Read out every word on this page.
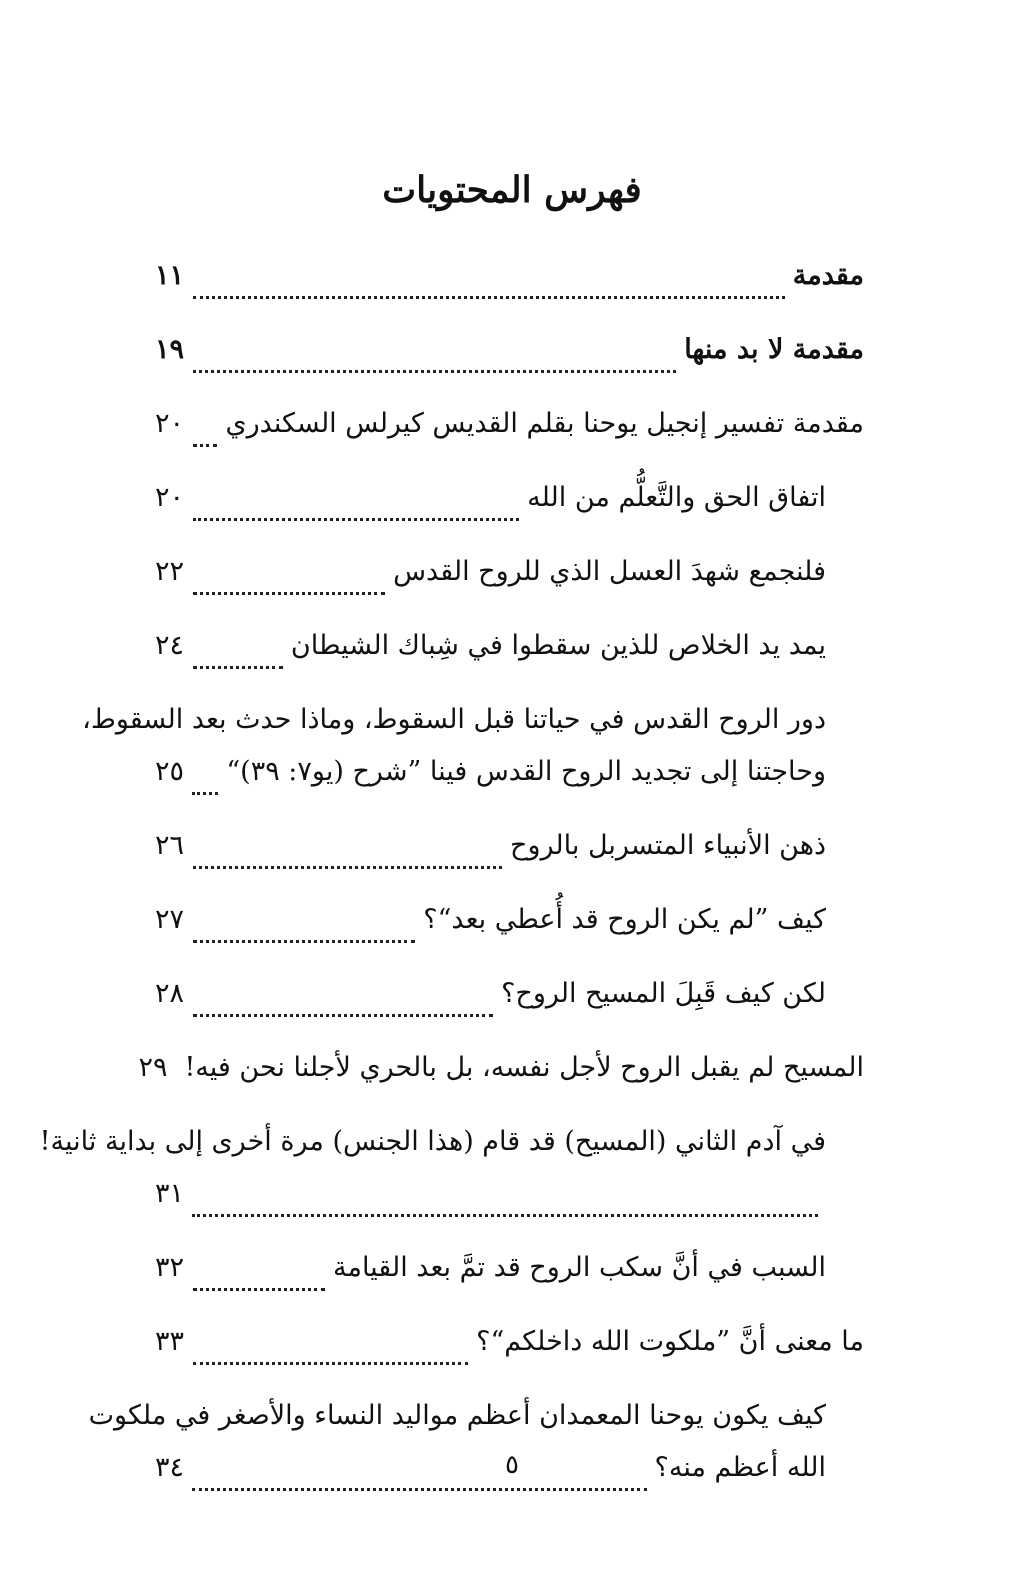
فهرس المحتويات
مقدمة
١١
مقدمة لا بد منها
١٩
مقدمة تفسير إنجيل يوحنا بقلم القديس كيرلس السكندري
٢٠
اتفاق الحق والتَّعلُّم من الله
٢٠
فلنجمع شهدَ العسل الذي للروح القدس
٢٢
يمد يد الخلاص للذين سقطوا في شِباك الشيطان
٢٤
دور الروح القدس في حياتنا قبل السقوط، وماذا حدث بعد السقوط،
وحاجتنا إلى تجديد الروح القدس فينا ”شرح (يو٧: ٣٩)“
٢٥
ذهن الأنبياء المتسربل بالروح
٢٦
كيف ”لم يكن الروح قد أُعطي بعد“؟
٢٧
لكن كيف قَبِلَ المسيح الروح؟
٢٨
المسيح لم يقبل الروح لأجل نفسه، بل بالحري لأجلنا نحن فيه!
٢٩
في آدم الثاني (المسيح) قد قام (هذا الجنس) مرة أخرى إلى بداية ثانية!
٣١
السبب في أنَّ سكب الروح قد تمَّ بعد القيامة
٣٢
ما معنى أنَّ ”ملكوت الله داخلكم“؟
٣٣
كيف يكون يوحنا المعمدان أعظم مواليد النساء والأصغر في ملكوت
الله أعظم منه؟
٣٤	٥
